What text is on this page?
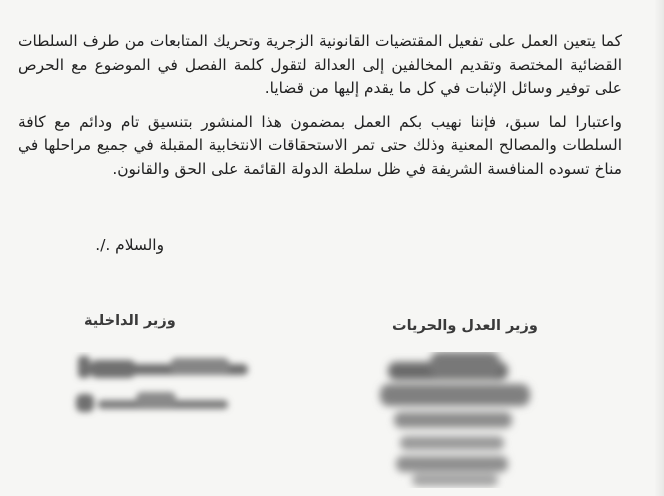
كما يتعين العمل على تفعيل المقتضيات القانونية الزجرية وتحريك المتابعات من طرف السلطات القضائية المختصة وتقديم المخالفين إلى العدالة لتقول كلمة الفصل في الموضوع مع الحرص على توفير وسائل الإثبات في كل ما يقدم إليها من قضايا.

واعتبارا لما سبق، فإننا نهيب بكم العمل بمضمون هذا المنشور بتنسيق تام ودائم مع كافة السلطات والمصالح المعنية وذلك حتى تمر الاستحقاقات الانتخابية المقبلة في جميع مراحلها في مناخ تسوده المنافسة الشريفة في ظل سلطة الدولة القائمة على الحق والقانون.

والسلام ./.
وزير الداخلية	وزير العدل والحريات
